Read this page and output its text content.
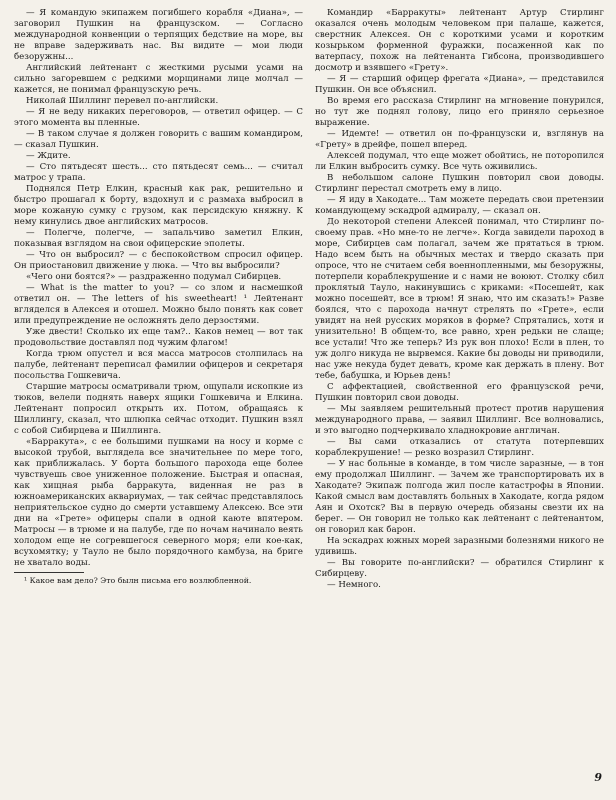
— Я командую экипажем погибшего корабля «Диана», — заговорил Пушкин на французском. — Согласно международной конвенции о терпящих бедствие на море, вы не вправе задерживать нас. Вы видите — мои люди безоружны...

Английский лейтенант с жесткими русыми усами на сильно загоревшем с редкими морщинами лице молчал — кажется, не понимал французскую речь.

Николай Шиллинг перевел по-английски.

— Я не веду никаких переговоров, — ответил офицер. — С этого момента вы пленные.

— В таком случае я должен говорить с вашим командиром, — сказал Пушкин.

— Ждите.

— Сто пятьдесят шесть... сто пятьдесят семь... — считал матрос у трапа.

Поднялся Петр Елкин, красный как рак, решительно и быстро прошагал к борту, вздохнул и с размаха выбросил в море кожаную сумку с грузом, как персидскую княжну. К нему кинулись двое английских матросов.

— Полегче, полегче, — запальчиво заметил Елкин, показывая взглядом на свои офицерские эполеты.

— Что он выбросил? — с беспокойством спросил офицер. Он приостановил движение у люка. — Что вы выбросили?

«Чего они боятся?» — раздраженно подумал Сибирцев.

— What is the matter to you? — со злом и насмешкой ответил он. — The letters of his sweetheart! ¹ Лейтенант вгляделся в Алексея и отошел. Можно было понять как совет или предупреждение не осложнять дело дерзостями.

Уже двести! Сколько их еще там?.. Каков немец — вот так продовольствие доставлял под чужим флагом!

Когда трюм опустел и вся масса матросов столпилась на палубе, лейтенант переписал фамилии офицеров и секретаря посольства Гошкевича.

Старшие матросы осматривали трюм, ощупали ископкие из тюков, велели поднять наверх ящики Гошкевича и Елкина. Лейтенант попросил открыть их. Потом, обращаясь к Шиллингу, сказал, что шлюпка сейчас отходит. Пушкин взял с собой Сибирцева и Шиллинга.

«Барракута», с ее большими пушками на носу и корме с высокой трубой, выглядела все значительнее по мере того, как приближалась. У борта большого парохода еще более чувствуешь свое униженное положение. Быстрая и опасная, как хищная рыба барракута, виденная не раз в южноамериканских аквариумах, — так сейчас представлялось неприятельское судно до смерти уставшему Алексею. Все эти дни на «Грете» офицеры спали в одной каюте впятером. Матросы — в трюме и на палубе, где по ночам начинало веять холодом еще не согревшегося северного моря; ели кое-как, всухомятку; у Тауло не было порядочного камбуза, на бриге не хватало воды.

¹ Какое вам дело? Это былн письма его возлюбленной.

Командир «Барракуты» лейтенант Артур Стирлинг оказался очень молодым человеком при палаше, кажется, сверстник Алексея. Он с короткими усами и коротким козырьком форменной фуражки, посаженной как по ватерпасу, похож на лейтенанта Гибсона, производившего досмотр и взявшего «Грету».

— Я — старший офицер фрегата «Диана», — представился Пушкин. Он все объяснил.

Во время его рассказа Стирлинг на мгновение понурился, но тут же поднял голову, лицо его приняло серьезное выражение.

— Идемте! — ответил он по-французски и, взглянув на «Грету» в дрейфе, пошел вперед.

Алексей подумал, что еще может обойтись, не поторопился ли Елкин выбросить сумку. Все чуть оживились.

В небольшом салоне Пушкин повторил свои доводы. Стирлинг перестал смотреть ему в лицо.

— Я иду в Хакодате... Там можете передать свои претензии командующему эскадрой адмиралу, — сказал он.

До некоторой степени Алексей понимал, что Стирлинг по-своему прав. «Но мне-то не легче». Когда завидели пароход в море, Сибирцев сам полагал, зачем же прятаться в трюм. Надо всем быть на обычных местах и твердо сказать при опросе, что не считаем себя военнопленными, мы безоружны, потерпели кораблекрушение и с нами не воюют. Столку сбил проклятый Тауло, накинувшись с криками: «Посешейт, как можно посешейт, все в трюм! Я знаю, что им сказать!» Разве боялся, что с парохода начнут стрелять по «Грете», если увидят на ней русских моряков в форме? Спрятались, хотя и унизительно! В общем-то, все равно, хрен редьки не слаще; все устали! Что же теперь? Из рук вон плохо! Если в плен, то уж долго никуда не вырвемся. Какие бы доводы ни приводили, нас уже некуда будет девать, кроме как держать в плену. Вот тебе, бабушка, и Юрьев день!

С аффектацией, свойственной его французской речи, Пушкин повторил свои доводы.

— Мы заявляем решительный протест против нарушения международного права, — заявил Шиллинг. Все волновались, и это выгодно подчеркивало хладнокровие англичан.

— Вы сами отказались от статута потерпевших кораблекрушение! — резко возразил Стирлинг.

— У нас больные в команде, в том числе заразные, — в тон ему продолжал Шиллинг. — Зачем же транспортировать их в Хакодате? Экипаж полгода жил после катастрофы в Японии. Какой смысл вам доставлять больных в Хакодате, когда рядом Аян и Охотск? Вы в первую очередь обязаны свезти их на берег. — Он говорил не только как лейтенант с лейтенантом, он говорил как барон.

На эскадрах южных морей заразными болезнями никого не удивишь.

— Вы говорите по-английски? — обратился Стирлинг к Сибирцеву.

— Немного.

9
